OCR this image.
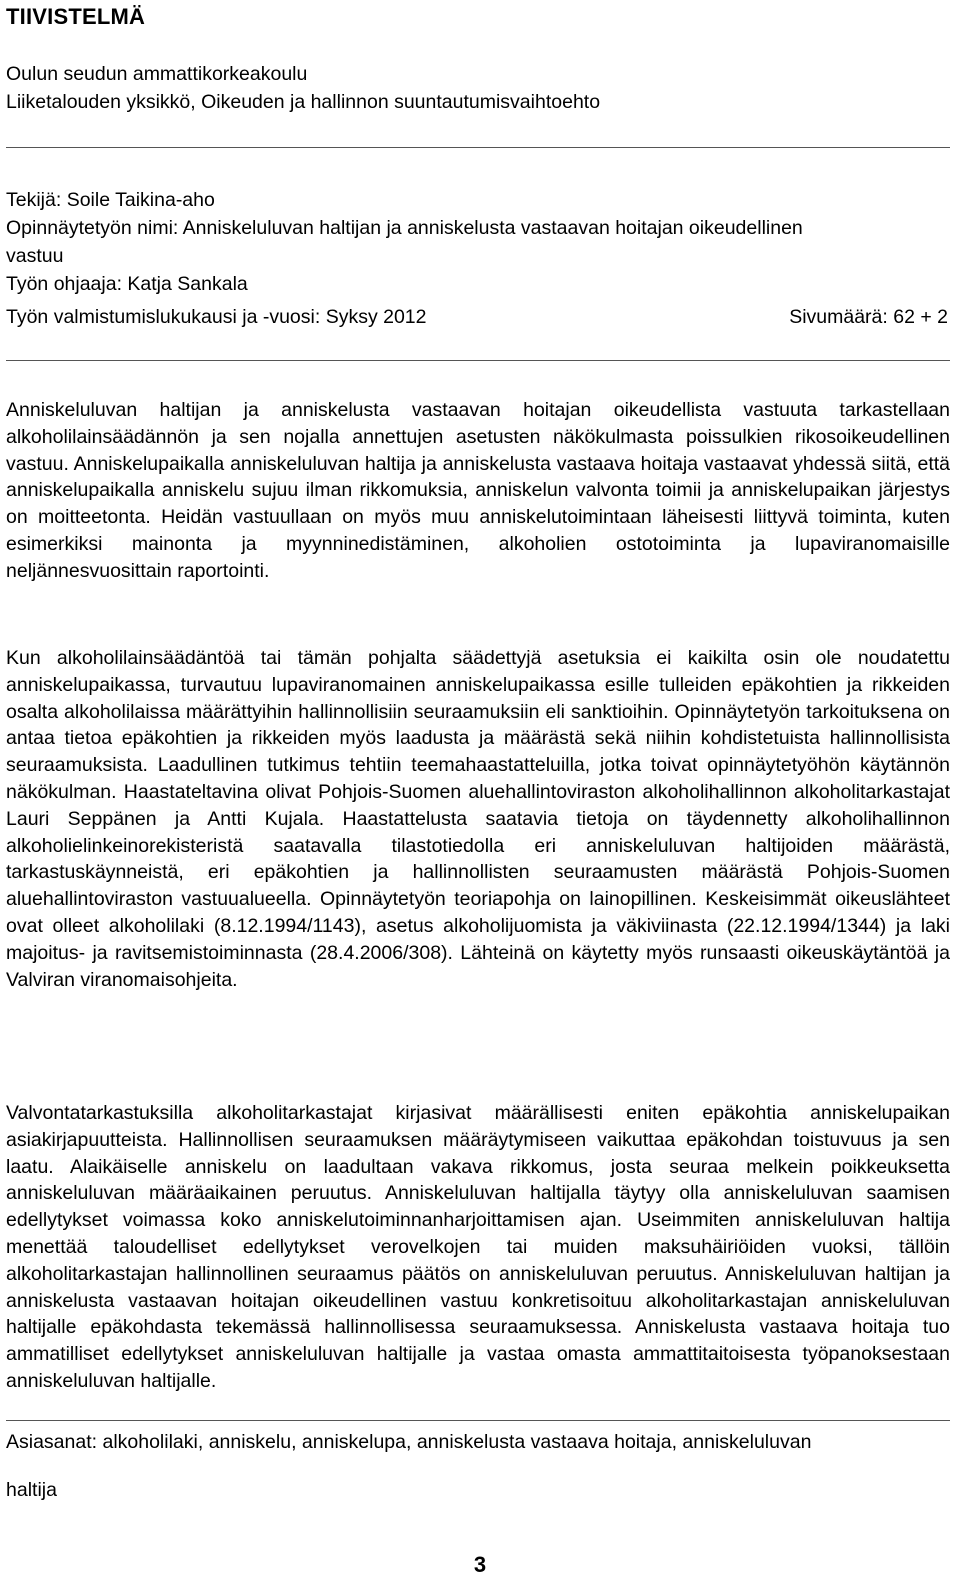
TIIVISTELMÄ
Oulun seudun ammattikorkeakoulu
Liiketalouden yksikkö, Oikeuden ja hallinnon suuntautumisvaihtoehto
Tekijä: Soile Taikina-aho
Opinnäytetyön nimi: Anniskeluluvan haltijan ja anniskelusta vastaavan hoitajan oikeudellinen
vastuu
Työn ohjaaja: Katja Sankala
Työn valmistumislukukausi ja -vuosi: Syksy 2012	Sivumäärä: 62 + 2

Anniskeluluvan haltijan ja anniskelusta vastaavan hoitajan oikeudellista vastuuta tarkastellaan alkoholilainsäädännön ja sen nojalla annettujen asetusten näkökulmasta poissulkien rikosoikeudellinen vastuu. Anniskelupaikalla anniskeluluvan haltija ja anniskelusta vastaava hoitaja vastaavat yhdessä siitä, että anniskelupaikalla anniskelu sujuu ilman rikkomuksia, anniskelun valvonta toimii ja anniskelupaikan järjestys on moitteetonta. Heidän vastuullaan on myös muu anniskelutoimintaan läheisesti liittyvä toiminta, kuten esimerkiksi mainonta ja myynninedistäminen, alkoholien ostotoiminta ja lupaviranomaisille neljännesvuosittain raportointi.

Kun alkoholilainsäädäntöä tai tämän pohjalta säädettyjä asetuksia ei kaikilta osin ole noudatettu anniskelupaikassa, turvautuu lupaviranomainen anniskelupaikassa esille tulleiden epäkohtien ja rikkeiden osalta alkoholilaissa määrättyihin hallinnollisiin seuraamuksiin eli sanktioihin. Opinnäytetyön tarkoituksena on antaa tietoa epäkohtien ja rikkeiden myös laadusta ja määrästä sekä niihin kohdistetuista hallinnollisista seuraamuksista. Laadullinen tutkimus tehtiin teemahaastatteluilla, jotka toivat opinnäytetyöhön käytännön näkökulman. Haastateltavina olivat Pohjois-Suomen aluehallintoviraston alkoholihallinnon alkoholitarkastajat Lauri Seppänen ja Antti Kujala. Haastattelusta saatavia tietoja on täydennetty alkoholihallinnon alkoholielinkeinorekisteristä saatavalla tilastotiedolla eri anniskeluluvan haltijoiden määrästä, tarkastuskäynneistä, eri epäkohtien ja hallinnollisten seuraamusten määrästä Pohjois-Suomen aluehallintoviraston vastuualueella. Opinnäytetyön teoriapohja on lainopillinen. Keskeisimmät oikeuslähteet ovat olleet alkoholilaki (8.12.1994/1143), asetus alkoholijuomista ja väkiviinasta (22.12.1994/1344) ja laki majoitus- ja ravitsemistoiminnasta (28.4.2006/308). Lähteinä on käytetty myös runsaasti oikeuskäytäntöä ja Valviran viranomaisohjeita.

Valvontatarkastuksilla alkoholitarkastajat kirjasivat määrällisesti eniten epäkohtia anniskelupaikan asiakirjapuutteista. Hallinnollisen seuraamuksen määräytymiseen vaikuttaa epäkohdan toistuvuus ja sen laatu. Alaikäiselle anniskelu on laadultaan vakava rikkomus, josta seuraa melkein poikkeuksetta anniskeluluvan määräaikainen peruutus. Anniskeluluvan haltijalla täytyy olla anniskeluluvan saamisen edellytykset voimassa koko anniskelutoiminnanharjoittamisen ajan. Useimmiten anniskeluluvan haltija menettää taloudelliset edellytykset verovelkojen tai muiden maksuhäiriöiden vuoksi, tällöin alkoholitarkastajan hallinnollinen seuraamus päätös on anniskeluluvan peruutus. Anniskeluluvan haltijan ja anniskelusta vastaavan hoitajan oikeudellinen vastuu konkretisoituu alkoholitarkastajan anniskeluluvan haltijalle epäkohdasta tekemässä hallinnollisessa seuraamuksessa. Anniskelusta vastaava hoitaja tuo ammatilliset edellytykset anniskeluluvan haltijalle ja vastaa omasta ammattitaitoisesta työpanoksestaan anniskeluluvan haltijalle.

Asiasanat: alkoholilaki, anniskelu, anniskelupa, anniskelusta vastaava hoitaja, anniskeluluvan
haltija
3
